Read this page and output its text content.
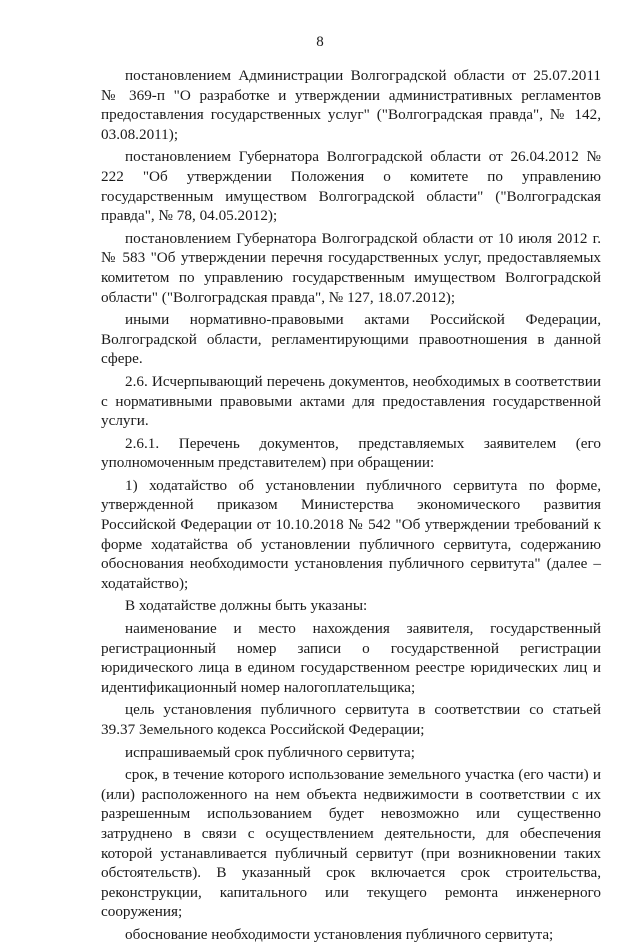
8

постановлением Администрации Волгоградской области от 25.07.2011 № 369-п "О разработке и утверждении административных регламентов предоставления государственных услуг" ("Волгоградская правда", № 142, 03.08.2011);

постановлением Губернатора Волгоградской области от 26.04.2012 № 222 "Об утверждении Положения о комитете по управлению государственным имуществом Волгоградской области" ("Волгоградская правда", № 78, 04.05.2012);

постановлением Губернатора Волгоградской области от 10 июля 2012 г. № 583 "Об утверждении перечня государственных услуг, предоставляемых комитетом по управлению государственным имуществом Волгоградской области" ("Волгоградская правда", № 127, 18.07.2012);

иными нормативно-правовыми актами Российской Федерации, Волгоградской области, регламентирующими правоотношения в данной сфере.

2.6. Исчерпывающий перечень документов, необходимых в соответствии с нормативными правовыми актами для предоставления государственной услуги.

2.6.1. Перечень документов, представляемых заявителем (его уполномоченным представителем) при обращении:

1) ходатайство об установлении публичного сервитута по форме, утвержденной приказом Министерства экономического развития Российской Федерации от 10.10.2018 № 542 "Об утверждении требований к форме ходатайства об установлении публичного сервитута, содержанию обоснования необходимости установления публичного сервитута" (далее – ходатайство);

В ходатайстве должны быть указаны:

наименование и место нахождения заявителя, государственный регистрационный номер записи о государственной регистрации юридического лица в едином государственном реестре юридических лиц и идентификационный номер налогоплательщика;

цель установления публичного сервитута в соответствии со статьей 39.37 Земельного кодекса Российской Федерации;

испрашиваемый срок публичного сервитута;

срок, в течение которого использование земельного участка (его части) и (или) расположенного на нем объекта недвижимости в соответствии с их разрешенным использованием будет невозможно или существенно затруднено в связи с осуществлением деятельности, для обеспечения которой устанавливается публичный сервитут (при возникновении таких обстоятельств). В указанный срок включается срок строительства, реконструкции, капитального или текущего ремонта инженерного сооружения;

обоснование необходимости установления публичного сервитута;
